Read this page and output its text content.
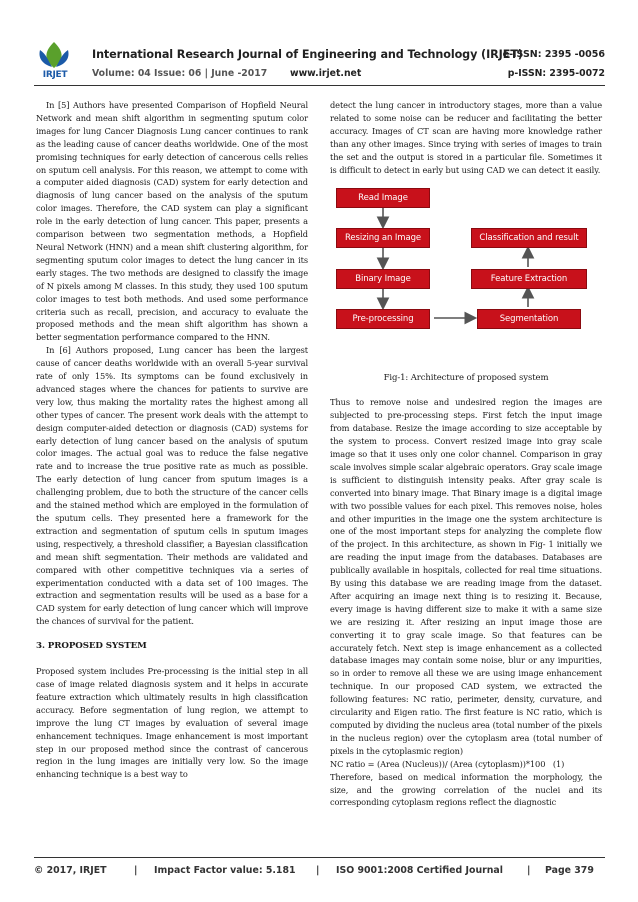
IRJET
International Research Journal of Engineering and Technology (IRJET)
e-ISSN: 2395 -0056
Volume: 04 Issue: 06 | June -2017 www.irjet.net	p-ISSN: 2395-0072

In [5] Authors have presented Comparison of Hopfield Neural Network and mean shift algorithm in segmenting sputum color images for lung Cancer Diagnosis Lung cancer continues to rank as the leading cause of cancer deaths worldwide. One of the most promising techniques for early detection of cancerous cells relies on sputum cell analysis. For this reason, we attempt to come with a computer aided diagnosis (CAD) system for early detection and diagnosis of lung cancer based on the analysis of the sputum color images. Therefore, the CAD system can play a significant role in the early detection of lung cancer. This paper, presents a comparison between two segmentation methods, a Hopfield Neural Network (HNN) and a mean shift clustering algorithm, for segmenting sputum color images to detect the lung cancer in its early stages. The two methods are designed to classify the image of N pixels among M classes. In this study, they used 100 sputum color images to test both methods. And used some performance criteria such as recall, precision, and accuracy to evaluate the proposed methods and the mean shift algorithm has shown a better segmentation performance compared to the HNN.

In [6] Authors proposed, Lung cancer has been the largest cause of cancer deaths worldwide with an overall 5-year survival rate of only 15%. Its symptoms can be found exclusively in advanced stages where the chances for patients to survive are very low, thus making the mortality rates the highest among all other types of cancer. The present work deals with the attempt to design computer-aided detection or diagnosis (CAD) systems for early detection of lung cancer based on the analysis of sputum color images. The actual goal was to reduce the false negative rate and to increase the true positive rate as much as possible. The early detection of lung cancer from sputum images is a challenging problem, due to both the structure of the cancer cells and the stained method which are employed in the formulation of the sputum cells. They presented here a framework for the extraction and segmentation of sputum cells in sputum images using, respectively, a threshold classifier, a Bayesian classification and mean shift segmentation. Their methods are validated and compared with other competitive techniques via a series of experimentation conducted with a data set of 100 images. The extraction and segmentation results will be used as a base for a CAD system for early detection of lung cancer which will improve the chances of survival for the patient.

3. PROPOSED SYSTEM

Proposed system includes Pre-processing is the initial step in all case of image related diagnosis system and it helps in accurate feature extraction which ultimately results in high classification accuracy. Before segmentation of lung region, we attempt to improve the lung CT images by evaluation of several image enhancement techniques. Image enhancement is most important step in our proposed method since the contrast of cancerous region in the lung images are initially very low. So the image enhancing technique is a best way to

detect the lung cancer in introductory stages, more than a value related to some noise can be reducer and facilitating the better accuracy. Images of CT scan are having more knowledge rather than any other images. Since trying with series of images to train the set and the output is stored in a particular file. Sometimes it is difficult to detect in early but using CAD we can detect it easily.

Read Image
Resizing an Image
Binary Image
Pre-processing
Classification and result
Feature Extraction
Segmentation

Fig-1: Architecture of proposed system

Thus to remove noise and undesired region the images are subjected to pre-processing steps. First fetch the input image from database. Resize the image according to size acceptable by the system to process. Convert resized image into gray scale image so that it uses only one color channel. Comparison in gray scale involves simple scalar algebraic operators. Gray scale image is sufficient to distinguish intensity peaks. After gray scale is converted into binary image. That Binary image is a digital image with two possible values for each pixel. This removes noise, holes and other impurities in the image one the system architecture is one of the most important steps for analyzing the complete flow of the project. In this architecture, as shown in Fig- 1 initially we are reading the input image from the databases. Databases are publically available in hospitals, collected for real time situations. By using this database we are reading image from the dataset. After acquiring an image next thing is to resizing it. Because, every image is having different size to make it with a same size we are resizing it. After resizing an input image those are converting it to gray scale image. So that features can be accurately fetch. Next step is image enhancement as a collected database images may contain some noise, blur or any impurities, so in order to remove all these we are using image enhancement technique. In our proposed CAD system, we extracted the following features: NC ratio, perimeter, density, curvature, and circularity and Eigen ratio. The first feature is NC ratio, which is computed by dividing the nucleus area (total number of the pixels in the nucleus region) over the cytoplasm area (total number of pixels in the cytoplasmic region)

NC ratio = (Area (Nucleus))/ (Area (cytoplasm))*100   (1)

Therefore, based on medical information the morphology, the size, and the growing correlation of the nuclei and its corresponding cytoplasm regions reflect the diagnostic

© 2017, IRJET	| Impact Factor value: 5.181 | ISO 9001:2008 Certified Journal	| Page 379
